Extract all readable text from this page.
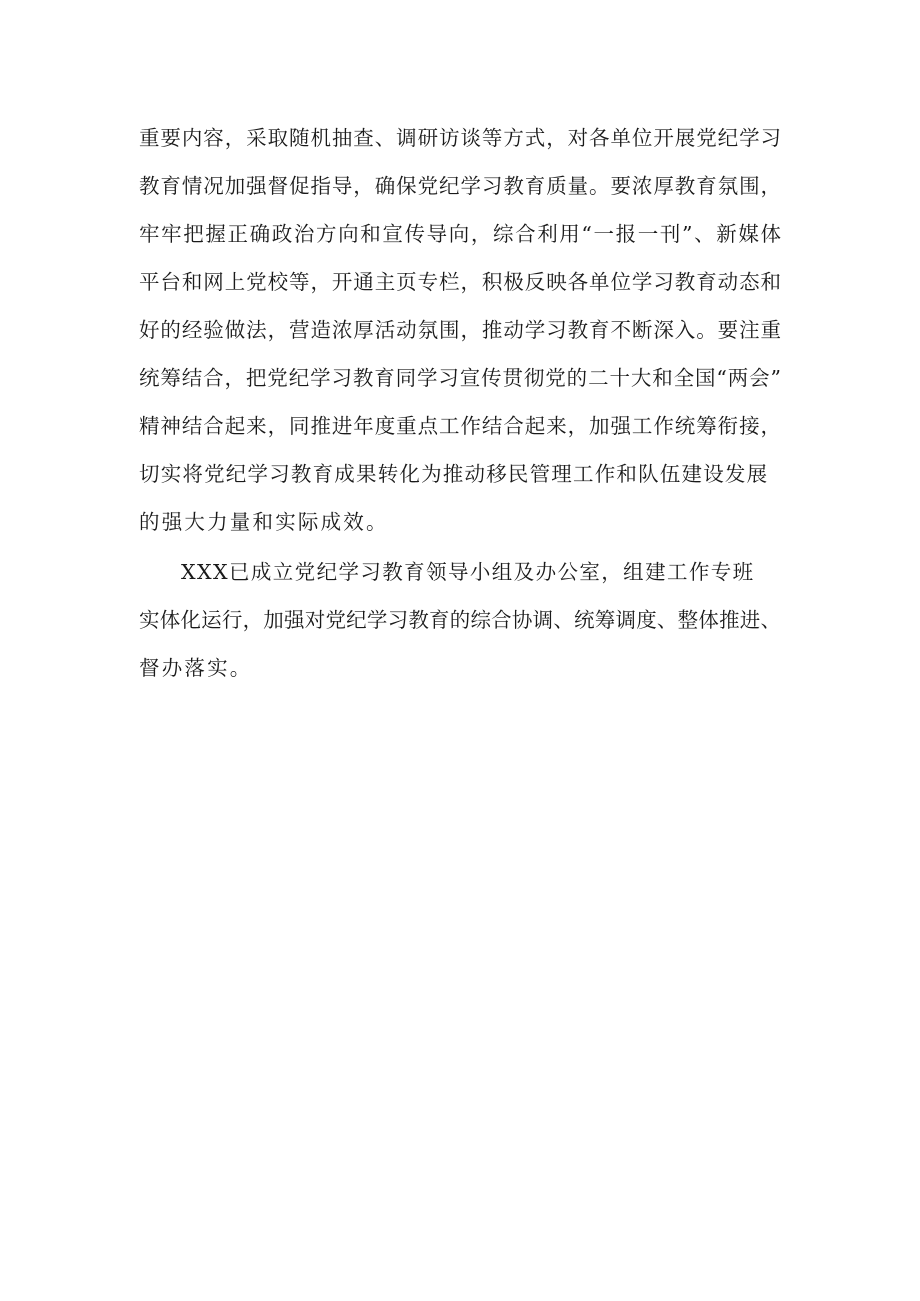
重要内容，采取随机抽查、调研访谈等方式，对各单位开展党纪学习
教育情况加强督促指导，确保党纪学习教育质量。要浓厚教育氛围，
牢牢把握正确政治方向和宣传导向，综合利用“一报一刊”、新媒体
平台和网上党校等，开通主页专栏，积极反映各单位学习教育动态和
好的经验做法，营造浓厚活动氛围，推动学习教育不断深入。要注重
统筹结合，把党纪学习教育同学习宣传贯彻党的二十大和全国“两会”
精神结合起来，同推进年度重点工作结合起来，加强工作统筹衔接，
切实将党纪学习教育成果转化为推动移民管理工作和队伍建设发展
的强大力量和实际成效。
XXX已成立党纪学习教育领导小组及办公室，组建工作专班
实体化运行，加强对党纪学习教育的综合协调、统筹调度、整体推进、
督办落实。
